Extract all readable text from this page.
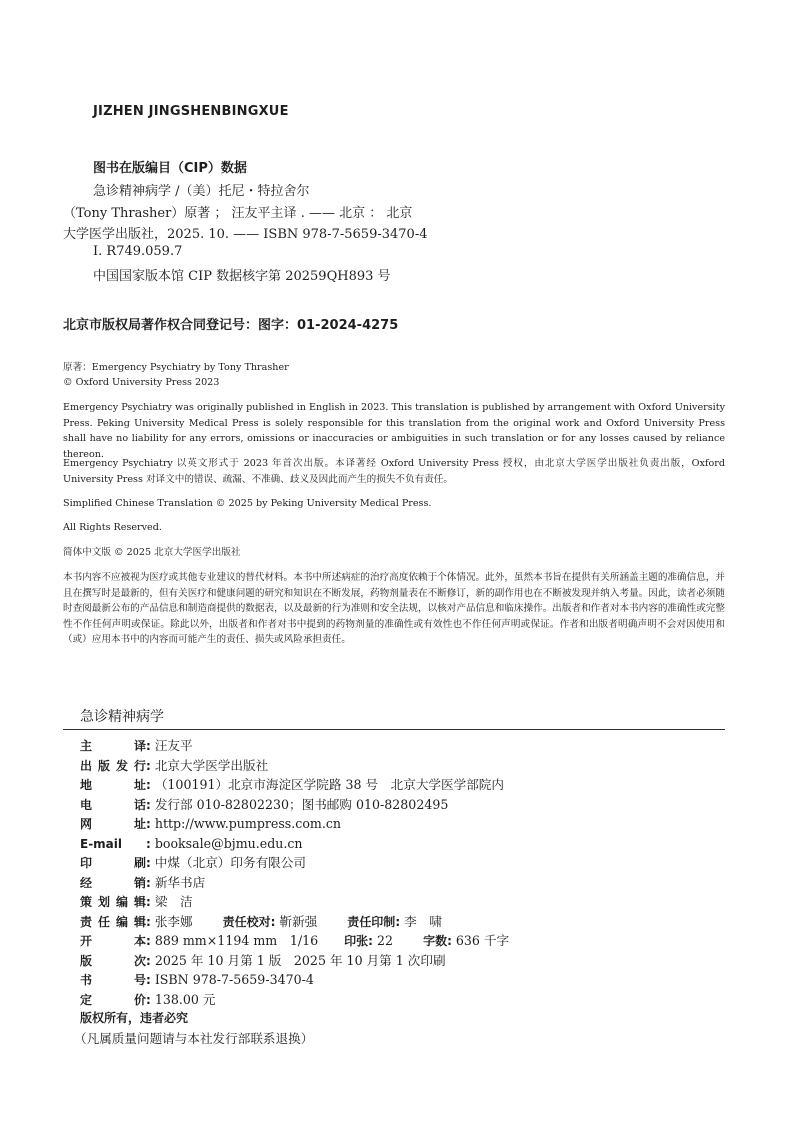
JIZHEN JINGSHENBINGXUE
图书在版编目（CIP）数据
急诊精神病学 /（美）托尼・特拉舍尔
（Tony Thrasher）原著 ； 汪友平主译 . —— 北京 ： 北京
大学医学出版社，2025. 10. —— ISBN 978-7-5659-3470-4
Ⅰ. R749.059.7
中国国家版本馆 CIP 数据核字第 20259QH893 号
北京市版权局著作权合同登记号：图字：01-2024-4275
原著：Emergency Psychiatry by Tony Thrasher
© Oxford University Press 2023
Emergency Psychiatry was originally published in English in 2023. This translation is published by arrangement with Oxford University Press. Peking University Medical Press is solely responsible for this translation from the original work and Oxford University Press shall have no liability for any errors, omissions or inaccuracies or ambiguities in such translation or for any losses caused by reliance thereon.
Emergency Psychiatry 以英文形式于 2023 年首次出版。本译著经 Oxford University Press 授权，由北京大学医学出版社负责出版，Oxford University Press 对译文中的错误、疏漏、不准确、歧义及因此而产生的损失不负有责任。
Simplified Chinese Translation © 2025 by Peking University Medical Press.
All Rights Reserved.
简体中文版 © 2025 北京大学医学出版社
本书内容不应被视为医疗或其他专业建议的替代材料。本书中所述病症的治疗高度依赖于个体情况。此外，虽然本书旨在提供有关所涵盖主题的准确信息，并且在撰写时是最新的，但有关医疗和健康问题的研究和知识在不断发展，药物剂量表在不断修订，新的副作用也在不断被发现并纳入考量。因此，读者必须随时查阅最新公布的产品信息和制造商提供的数据表，以及最新的行为准则和安全法规，以核对产品信息和临床操作。出版者和作者对本书内容的准确性或完整性不作任何声明或保证。除此以外，出版者和作者对书中提到的药物剂量的准确性或有效性也不作任何声明或保证。作者和出版者明确声明不会对因使用和（或）应用本书中的内容而可能产生的责任、损失或风险承担责任。
急诊精神病学
主译: 汪友平
出版发行: 北京大学医学出版社
地址: （100191）北京市海淀区学院路 38 号　北京大学医学部院内
电话: 发行部 010-82802230；图书邮购 010-82802495
网址: http://www.pumpress.com.cn
E-mail : booksale@bjmu.edu.cn
印刷: 中煤（北京）印务有限公司
经销: 新华书店
策划编辑: 梁　洁
责任编辑: 张李娜	责任校对: 靳新强	责任印制: 李　啸
开本: 889 mm×1194 mm　1/16 印张: 22	字数: 636 千字
版次: 2025 年 10 月第 1 版　2025 年 10 月第 1 次印刷
书号: ISBN 978-7-5659-3470-4
定价: 138.00 元
版权所有，违者必究
（凡属质量问题请与本社发行部联系退换）
